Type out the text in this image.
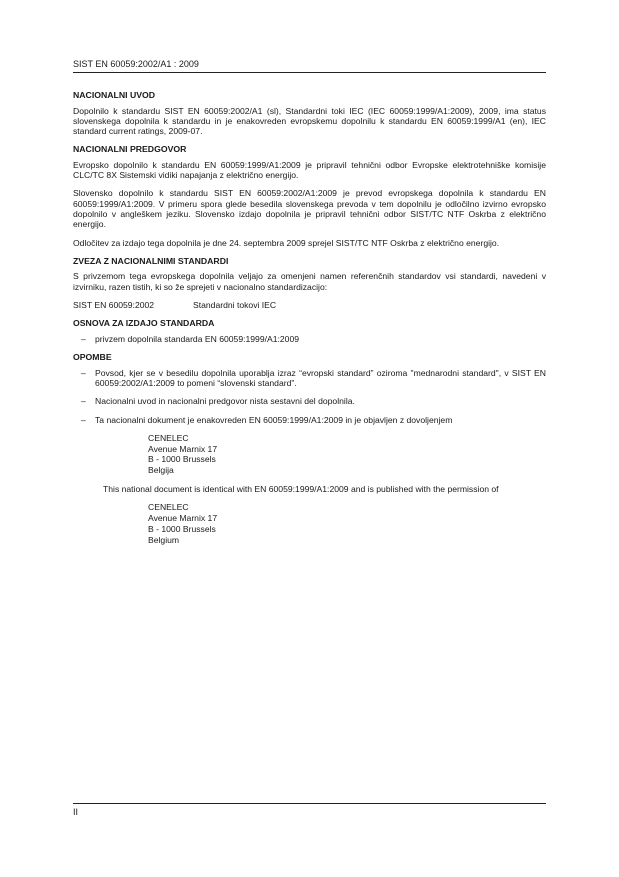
SIST EN 60059:2002/A1 : 2009
NACIONALNI UVOD

Dopolnilo k standardu SIST EN 60059:2002/A1 (sl), Standardni toki IEC (IEC 60059:1999/A1:2009), 2009, ima status slovenskega dopolnila k standardu in je enakovreden evropskemu dopolnilu k standardu EN 60059:1999/A1 (en), IEC standard current ratings, 2009-07.

NACIONALNI PREDGOVOR

Evropsko dopolnilo k standardu EN 60059:1999/A1:2009 je pripravil tehnični odbor Evropske elektrotehniške komisije CLC/TC 8X Sistemski vidiki napajanja z električno energijo.

Slovensko dopolnilo k standardu SIST EN 60059:2002/A1:2009 je prevod evropskega dopolnila k standardu EN 60059:1999/A1:2009. V primeru spora glede besedila slovenskega prevoda v tem dopolnilu je odločilno izvirno evropsko dopolnilo v angleškem jeziku. Slovensko izdajo dopolnila je pripravil tehnični odbor SIST/TC NTF Oskrba z električno energijo.

Odločitev za izdajo tega dopolnila je dne 24. septembra 2009 sprejel SIST/TC NTF Oskrba z električno energijo.

ZVEZA Z NACIONALNIMI STANDARDI

S privzemom tega evropskega dopolnila veljajo za omenjeni namen referenčnih standardov vsi standardi, navedeni v izvirniku, razen tistih, ki so že sprejeti v nacionalno standardizacijo:

SIST EN 60059:2002	Standardni tokovi IEC
OSNOVA ZA IZDAJO STANDARDA
– privzem dopolnila standarda EN 60059:1999/A1:2009
OPOMBE
– Povsod, kjer se v besedilu dopolnila uporablja izraz “evropski standard” oziroma "mednarodni standard", v SIST EN 60059:2002/A1:2009 to pomeni “slovenski standard”.
– Nacionalni uvod in nacionalni predgovor nista sestavni del dopolnila.
– Ta nacionalni dokument je enakovreden EN 60059:1999/A1:2009 in je objavljen z dovoljenjem
CENELEC
Avenue Marnix 17
B - 1000 Brussels
Belgija

This national document is identical with EN 60059:1999/A1:2009 and is published with the permission of

CENELEC
Avenue Marnix 17
B - 1000 Brussels
Belgium
II
